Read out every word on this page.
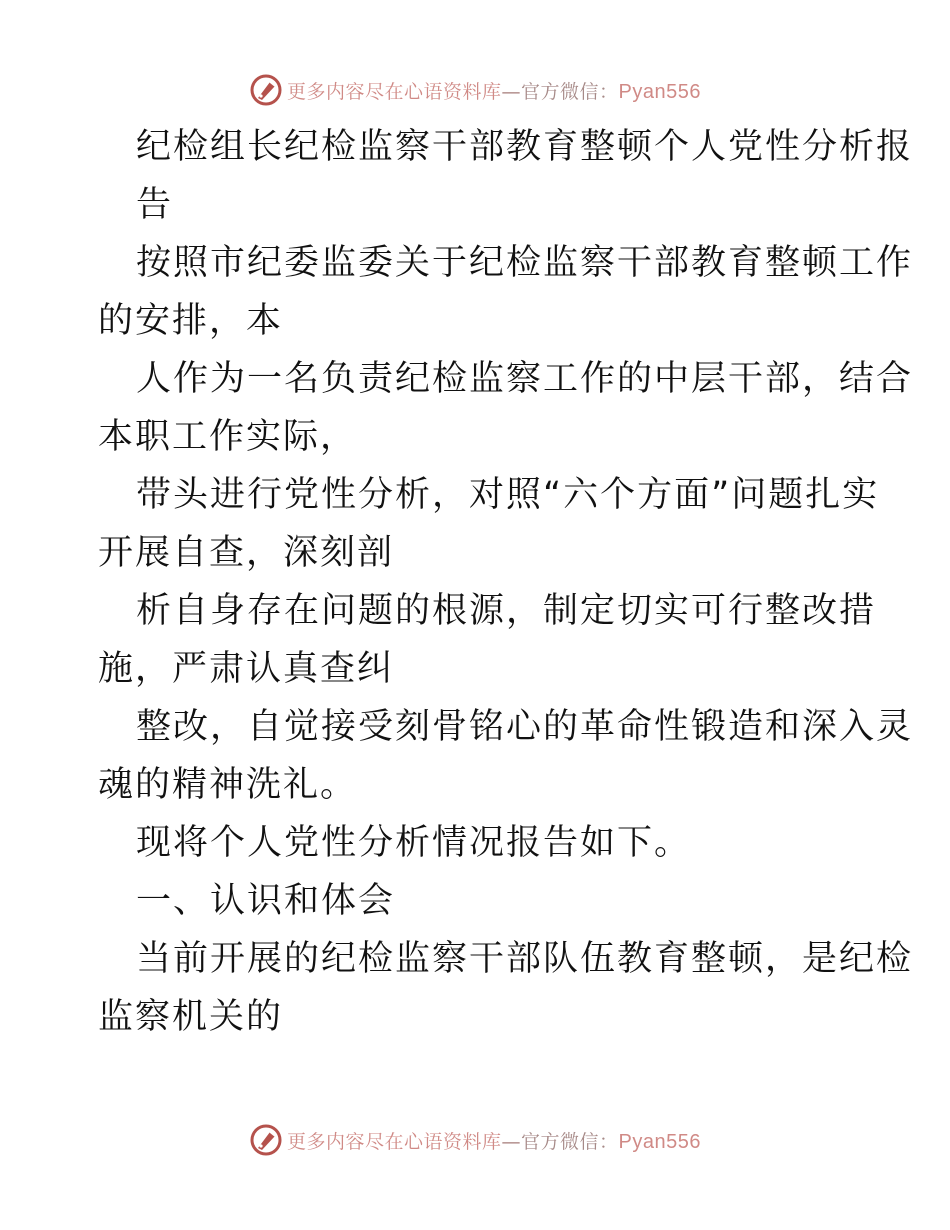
更多内容尽在心语资料库—官方微信：Pyan556
纪检组长纪检监察干部教育整顿个人党性分析报
告
按照市纪委监委关于纪检监察干部教育整顿工作
的安排，本
人作为一名负责纪检监察工作的中层干部，结合
本职工作实际，
带头进行党性分析，对照“六个方面”问题扎实
开展自查，深刻剖
析自身存在问题的根源，制定切实可行整改措
施，严肃认真查纠
整改，自觉接受刻骨铭心的革命性锻造和深入灵
魂的精神洗礼。
现将个人党性分析情况报告如下。
一、认识和体会
当前开展的纪检监察干部队伍教育整顿，是纪检
监察机关的
更多内容尽在心语资料库—官方微信：Pyan556
